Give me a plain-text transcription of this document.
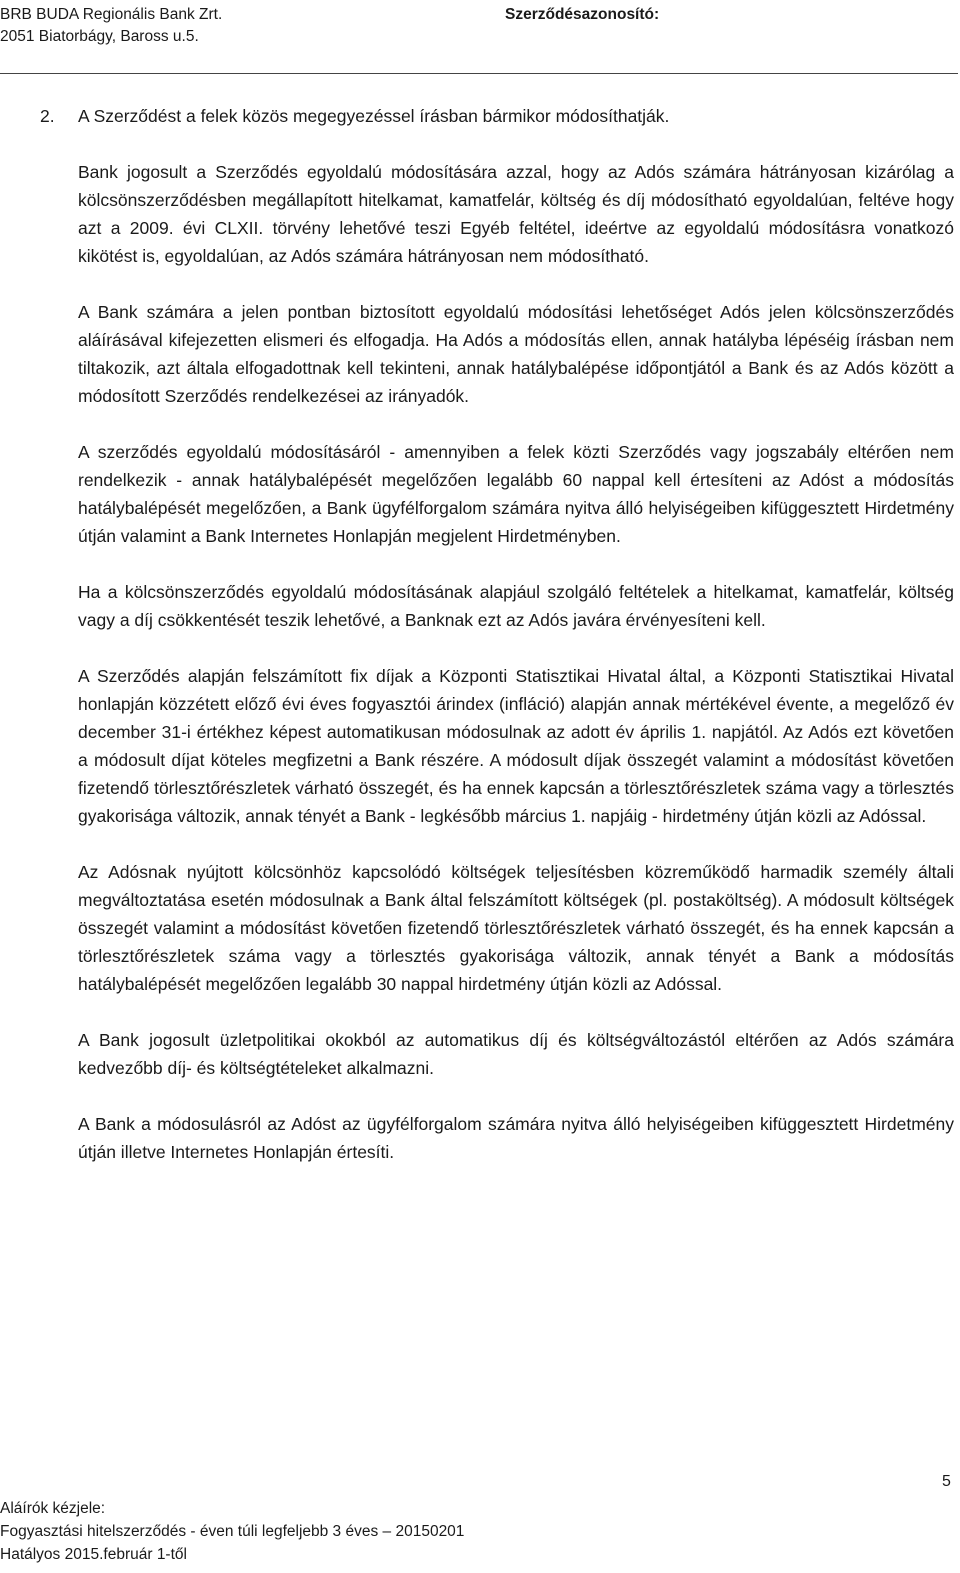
BRB BUDA Regionális Bank Zrt.
2051 Biatorbágy, Baross u.5.
Szerződésazonosító:
2. A Szerződést a felek közös megegyezéssel írásban bármikor módosíthatják.

Bank jogosult a Szerződés egyoldalú módosítására azzal, hogy az Adós számára hátrányosan kizárólag a kölcsönszerződésben megállapított hitelkamat, kamatfelár, költség és díj módosítható egyoldalúan, feltéve hogy azt a 2009. évi CLXII. törvény lehetővé teszi Egyéb feltétel, ideértve az egyoldalú módosításra vonatkozó kikötést is, egyoldalúan, az Adós számára hátrányosan nem módosítható.

A Bank számára a jelen pontban biztosított egyoldalú módosítási lehetőséget Adós jelen kölcsönszerződés aláírásával kifejezetten elismeri és elfogadja. Ha Adós a módosítás ellen, annak hatályba lépéséig írásban nem tiltakozik, azt általa elfogadottnak kell tekinteni, annak hatálybalépése időpontjától a Bank és az Adós között a módosított Szerződés rendelkezései az irányadók.

A szerződés egyoldalú módosításáról - amennyiben a felek közti Szerződés vagy jogszabály eltérően nem rendelkezik - annak hatálybalépését megelőzően legalább 60 nappal kell értesíteni az Adóst a módosítás hatálybalépését megelőzően, a Bank ügyfélforgalom számára nyitva álló helyiségeiben kifüggesztett Hirdetmény útján valamint a Bank Internetes Honlapján megjelent Hirdetményben.

Ha a kölcsönszerződés egyoldalú módosításának alapjául szolgáló feltételek a hitelkamat, kamatfelár, költség vagy a díj csökkentését teszik lehetővé, a Banknak ezt az Adós javára érvényesíteni kell.

A Szerződés alapján felszámított fix díjak a Központi Statisztikai Hivatal által, a Központi Statisztikai Hivatal honlapján közzétett előző évi éves fogyasztói árindex (infláció) alapján annak mértékével évente, a megelőző év december 31-i értékhez képest automatikusan módosulnak az adott év április 1. napjától. Az Adós ezt követően a módosult díjat köteles megfizetni a Bank részére. A módosult díjak összegét valamint a módosítást követően fizetendő törlesztőrészletek várható összegét, és ha ennek kapcsán a törlesztőrészletek száma vagy a törlesztés gyakorisága változik, annak tényét a Bank - legkésőbb március 1. napjáig - hirdetmény útján közli az Adóssal.

Az Adósnak nyújtott kölcsönhöz kapcsolódó költségek teljesítésben közreműködő harmadik személy általi megváltoztatása esetén módosulnak a Bank által felszámított költségek (pl. postaköltség). A módosult költségek összegét valamint a módosítást követően fizetendő törlesztőrészletek várható összegét, és ha ennek kapcsán a törlesztőrészletek száma vagy a törlesztés gyakorisága változik, annak tényét a Bank a módosítás hatálybalépését megelőzően legalább 30 nappal hirdetmény útján közli az Adóssal.

A Bank jogosult üzletpolitikai okokból az automatikus díj és költségváltozástól eltérően az Adós számára kedvezőbb díj- és költségtételeket alkalmazni.

A Bank a módosulásról az Adóst az ügyfélforgalom számára nyitva álló helyiségeiben kifüggesztett Hirdetmény útján illetve Internetes Honlapján értesíti.

5
Aláírók kézjele:
Fogyasztási hitelszerződés - éven túli legfeljebb 3 éves – 20150201
Hatályos 2015.február 1-től
